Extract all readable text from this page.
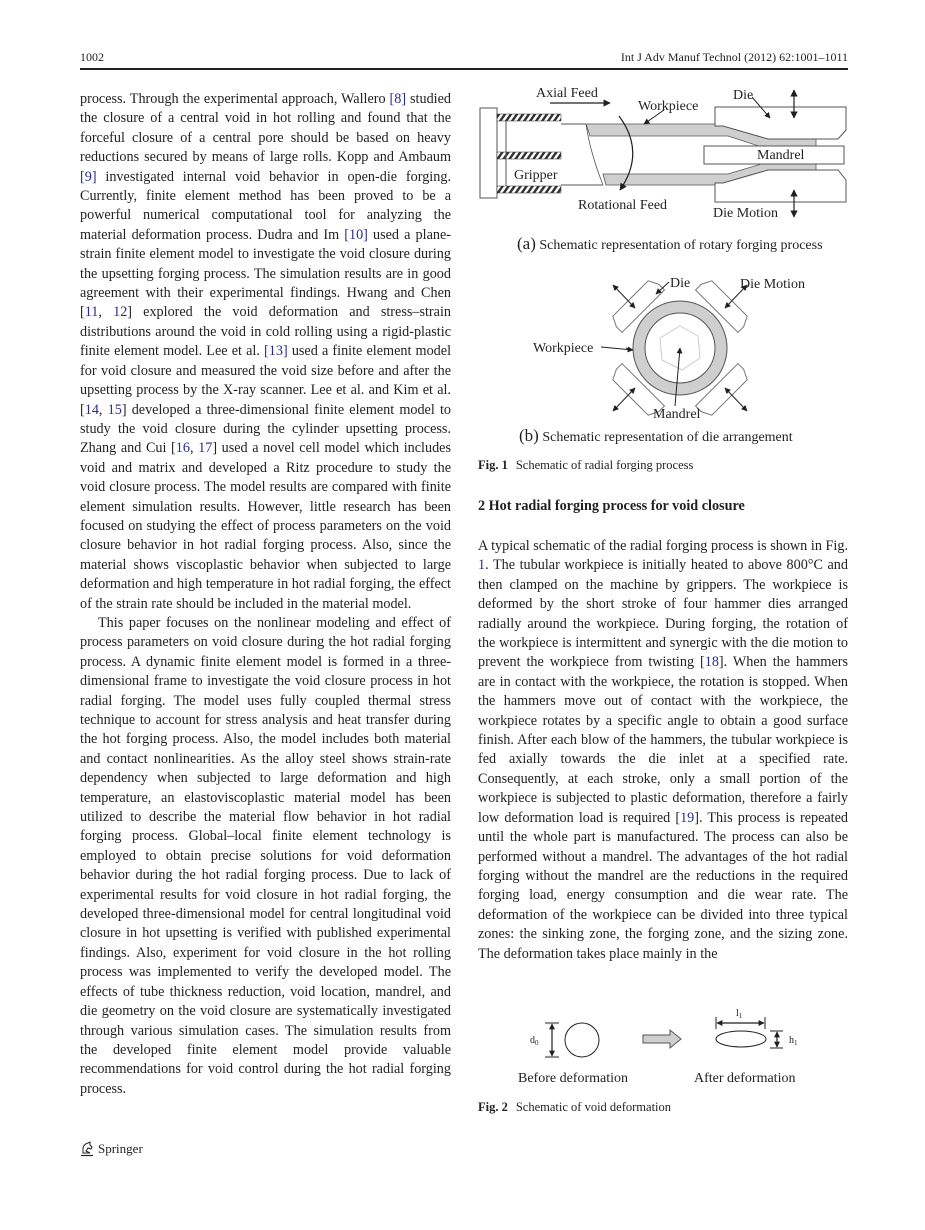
1002	Int J Adv Manuf Technol (2012) 62:1001–1011

process. Through the experimental approach, Wallero [8] studied the closure of a central void in hot rolling and found that the forceful closure of a central pore should be based on heavy reductions secured by means of large rolls. Kopp and Ambaum [9] investigated internal void behavior in open-die forging. Currently, finite element method has been proved to be a powerful numerical computational tool for analyzing the material deformation process. Dudra and Im [10] used a plane-strain finite element model to investigate the void closure during the upsetting forging process. The simulation results are in good agreement with their experimental findings. Hwang and Chen [11, 12] explored the void deformation and stress–strain distributions around the void in cold rolling using a rigid-plastic finite element model. Lee et al. [13] used a finite element model for void closure and measured the void size before and after the upsetting process by the X-ray scanner. Lee et al. and Kim et al. [14, 15] developed a three-dimensional finite element model to study the void closure during the cylinder upsetting process. Zhang and Cui [16, 17] used a novel cell model which includes void and matrix and developed a Ritz procedure to study the void closure process. The model results are compared with finite element simulation results. However, little research has been focused on studying the effect of process parameters on the void closure behavior in hot radial forging process. Also, since the material shows viscoplastic behavior when subjected to large deformation and high temperature in hot radial forging, the effect of the strain rate should be included in the material model.

This paper focuses on the nonlinear modeling and effect of process parameters on void closure during the hot radial forging process. A dynamic finite element model is formed in a three-dimensional frame to investigate the void closure process in hot radial forging. The model uses fully coupled thermal stress technique to account for stress analysis and heat transfer during the hot forging process. Also, the model includes both material and contact nonlinearities. As the alloy steel shows strain-rate dependency when subjected to large deformation and high temperature, an elastoviscoplastic material model has been utilized to describe the material flow behavior in hot radial forging process. Global–local finite element technology is employed to obtain precise solutions for void deformation behavior during the hot radial forging process. Due to lack of experimental results for void closure in hot radial forging, the developed three-dimensional model for central longitudinal void closure in hot upsetting is verified with published experimental findings. Also, experiment for void closure in the hot rolling process was implemented to verify the developed model. The effects of tube thickness reduction, void location, mandrel, and die geometry on the void closure are systematically investigated through various simulation cases. The simulation results from the developed finite element model provide valuable recommendations for void control during the hot radial forging process.

Axial Feed
Workpiece
Die
Mandrel
Gripper
Rotational Feed
Die Motion
(a) Schematic representation of rotary forging process
Die	Die Motion
Workpiece
Mandrel
(b) Schematic representation of die arrangement
Fig. 1 Schematic of radial forging process
2 Hot radial forging process for void closure

A typical schematic of the radial forging process is shown in Fig. 1. The tubular workpiece is initially heated to above 800°C and then clamped on the machine by grippers. The workpiece is deformed by the short stroke of four hammer dies arranged radially around the workpiece. During forging, the rotation of the workpiece is intermittent and synergic with the die motion to prevent the workpiece from twisting [18]. When the hammers are in contact with the workpiece, the rotation is stopped. When the hammers move out of contact with the workpiece, the workpiece rotates by a specific angle to obtain a good surface finish. After each blow of the hammers, the tubular workpiece is fed axially towards the die inlet at a specified rate. Consequently, at each stroke, only a small portion of the workpiece is subjected to plastic deformation, therefore a fairly low deformation load is required [19]. This process is repeated until the whole part is manufactured. The process can also be performed without a mandrel. The advantages of the hot radial forging without the mandrel are the reductions in the required forging load, energy consumption and die wear rate. The deformation of the workpiece can be divided into three typical zones: the sinking zone, the forging zone, and the sizing zone. The deformation takes place mainly in the

$d_0$
$l_1$
$h_1$
Before deformation	After deformation
Fig. 2 Schematic of void deformation
Springer
